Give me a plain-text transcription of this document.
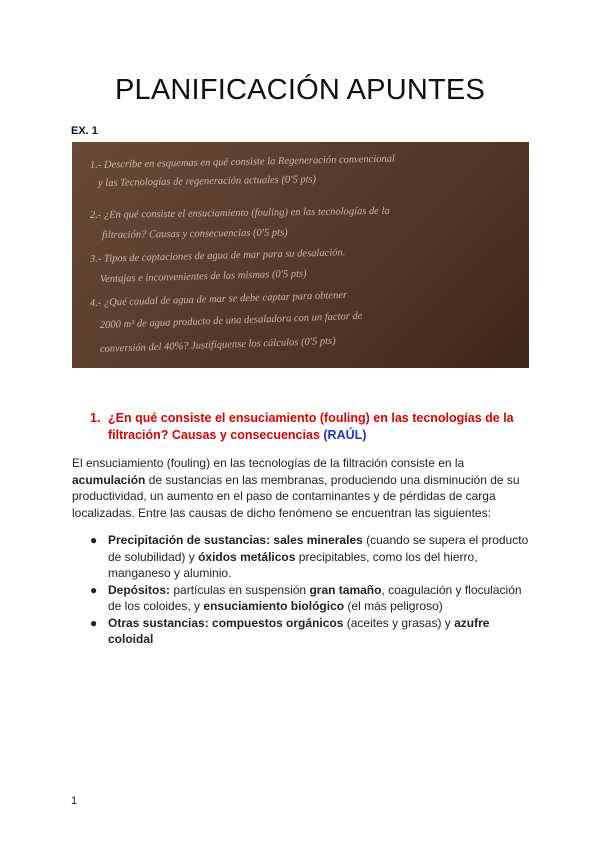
PLANIFICACIÓN APUNTES
EX. 1
1.- Describe en esquemas en qué consiste la Regeneración convencional
y las Tecnologías de regeneración actuales (0'5 pts)
2.- ¿En qué consiste el ensuciamiento (fouling) en las tecnologías de la
filtración? Causas y consecuencias (0'5 pts)
3.- Tipos de captaciones de agua de mar para su desalación.
Ventajas e inconvenientes de las mismas (0'5 pts)
4.- ¿Qué caudal de agua de mar se debe captar para obtener
2000 m³ de agua producto de una desaladora con un factor de
conversión del 40%? Justifíquense los cálculos (0'5 pts)
1. ¿En qué consiste el ensuciamiento (fouling) en las tecnologías de la filtración? Causas y consecuencias (RAÚL)
El ensuciamiento (fouling) en las tecnologías de la filtración consiste en la acumulación de sustancias en las membranas, produciendo una disminución de su productividad, un aumento en el paso de contaminantes y de pérdidas de carga localizadas. Entre las causas de dicho fenómeno se encuentran las siguientes:
● Precipitación de sustancias: sales minerales (cuando se supera el producto de solubilidad) y óxidos metálicos precipitables, como los del hierro, manganeso y aluminio.
● Depósitos: partículas en suspensión gran tamaño, coagulación y floculación de los coloides, y ensuciamiento biológico (el más peligroso)
● Otras sustancias: compuestos orgánicos (aceites y grasas) y azufre coloidal
1
